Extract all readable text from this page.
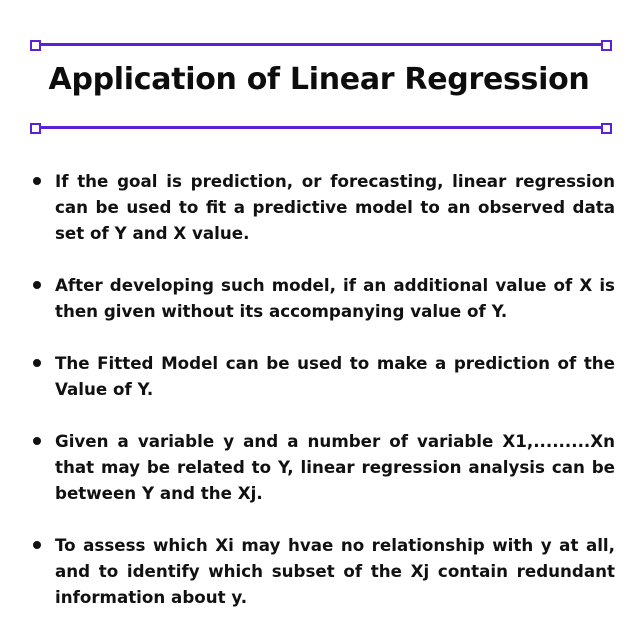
Application of Linear Regression
If the goal is prediction, or forecasting, linear regression can be used to fit a predictive model to an observed data set of Y and X value.
After developing such model, if an additional value of X is then given without its accompanying value of Y.
The Fitted Model can be used to make a prediction of the Value of Y.
Given a variable y and a number of variable X1,.........Xn that may be related to Y, linear regression analysis can be between Y and the Xj.
To assess which Xi may hvae no relationship with y at all, and to identify which subset of the Xj contain redundant information about y.
